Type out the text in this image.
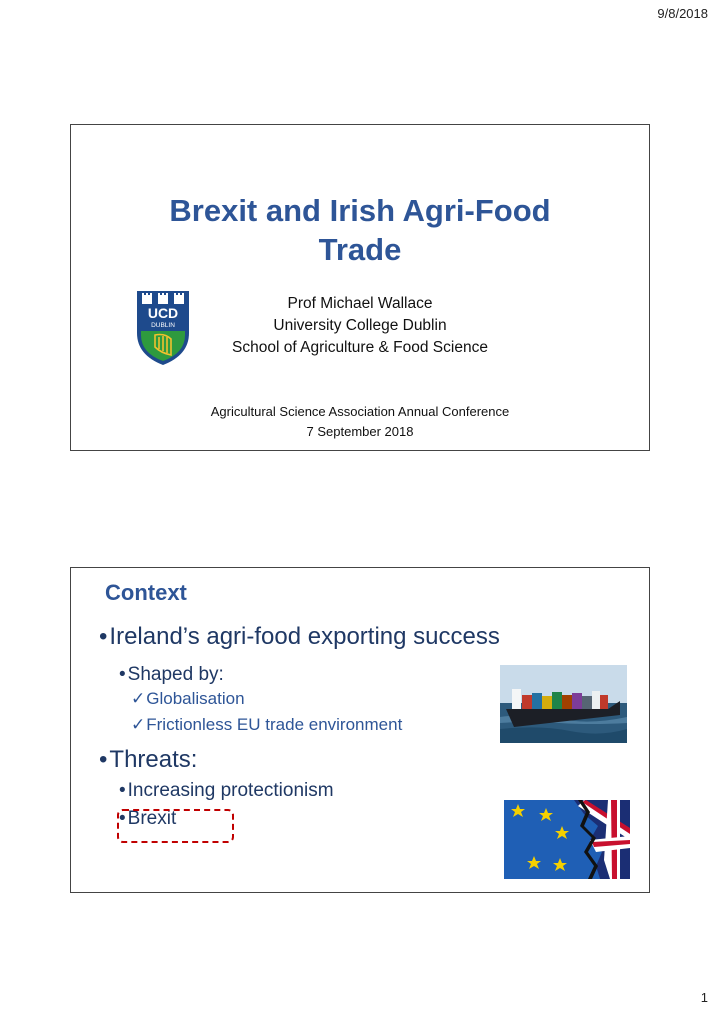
9/8/2018
Brexit and Irish Agri-Food
Trade
UCD
DUBLIN
Prof Michael Wallace
University College Dublin
School of Agriculture & Food Science
Agricultural Science Association Annual Conference
7 September 2018
Context
•Ireland’s agri-food exporting success
• Shaped by:
✓Globalisation
✓Frictionless EU trade environment
•Threats:
• Increasing protectionism
• Brexit
1
